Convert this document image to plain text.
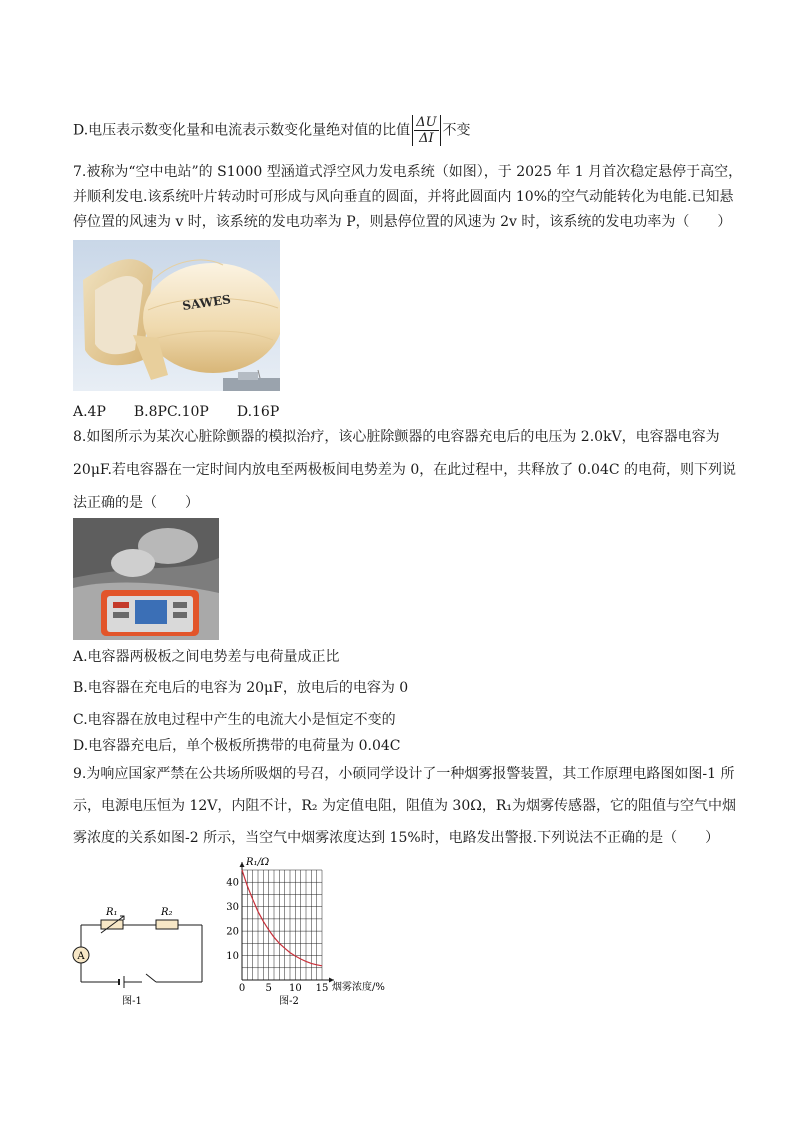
D.电压表示数变化量和电流表示数变化量绝对值的比值 $\frac{\Delta U}{\Delta I}$ 不变
7.被称为“空中电站”的 S1000 型涵道式浮空风力发电系统（如图），于 2025 年 1 月首次稳定悬停于高空，
并顺利发电.该系统叶片转动时可形成与风向垂直的圆面，并将此圆面内 10%的空气动能转化为电能.已知悬
停位置的风速为 v 时，该系统的发电功率为 P，则悬停位置的风速为 2v 时，该系统的发电功率为（　　）
SAWES
A.4P　　B.8PC.10P　　D.16P
8.如图所示为某次心脏除颤器的模拟治疗，该心脏除颤器的电容器充电后的电压为 2.0kV，电容器电容为
20μF.若电容器在一定时间内放电至两极板间电势差为 0，在此过程中，共释放了 0.04C 的电荷，则下列说
法正确的是（　　）
A.电容器两极板之间电势差与电荷量成正比
B.电容器在充电后的电容为 20μF，放电后的电容为 0
C.电容器在放电过程中产生的电流大小是恒定不变的
D.电容器充电后，单个极板所携带的电荷量为 0.04C
9.为响应国家严禁在公共场所吸烟的号召，小硕同学设计了一种烟雾报警装置，其工作原理电路图如图-1 所
示，电源电压恒为 12V，内阻不计，R₂ 为定值电阻，阻值为 30Ω，R₁为烟雾传感器，它的阻值与空气中烟
雾浓度的关系如图-2 所示，当空气中烟雾浓度达到 15%时，电路发出警报.下列说法不正确的是（　　）
A
R₁	R₂
图-1
0 5 10 15
10
20
30
40
R₁/Ω
烟雾浓度/%
图-2
